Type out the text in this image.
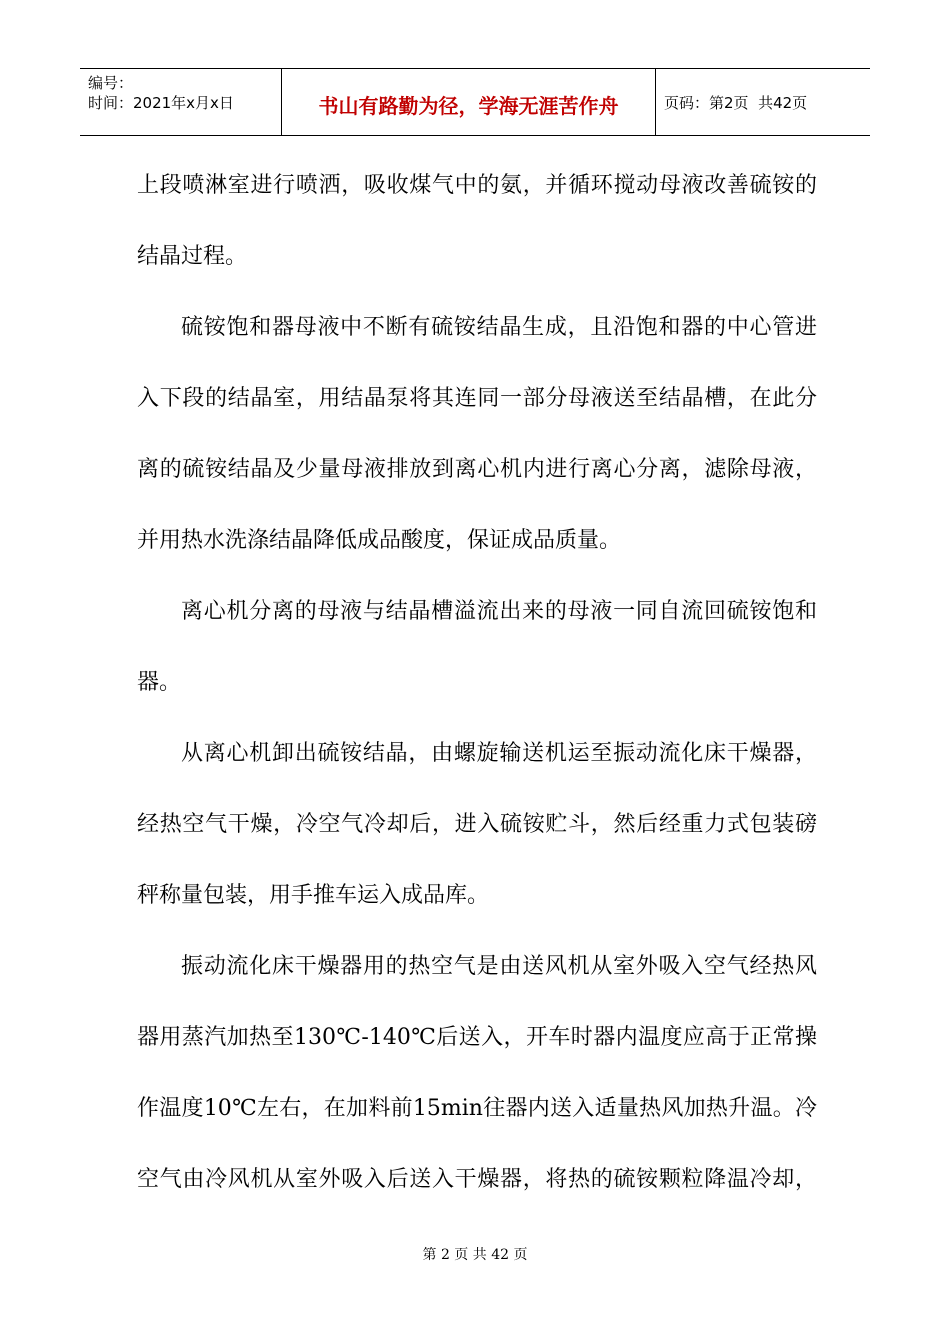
编号：
时间：2021年x月x日	书山有路勤为径，学海无涯苦作舟	页码：第2页  共42页
上段喷淋室进行喷洒，吸收煤气中的氨，并循环搅动母液改善硫铵的
结晶过程。
硫铵饱和器母液中不断有硫铵结晶生成，且沿饱和器的中心管进
入下段的结晶室，用结晶泵将其连同一部分母液送至结晶槽，在此分
离的硫铵结晶及少量母液排放到离心机内进行离心分离，滤除母液，
并用热水洗涤结晶降低成品酸度，保证成品质量。
离心机分离的母液与结晶槽溢流出来的母液一同自流回硫铵饱和
器。
从离心机卸出硫铵结晶，由螺旋输送机运至振动流化床干燥器，
经热空气干燥，冷空气冷却后，进入硫铵贮斗，然后经重力式包装磅
秤称量包装，用手推车运入成品库。
振动流化床干燥器用的热空气是由送风机从室外吸入空气经热风
器用蒸汽加热至130℃-140℃后送入，开车时器内温度应高于正常操
作温度10℃左右，在加料前15min往器内送入适量热风加热升温。冷
空气由冷风机从室外吸入后送入干燥器，将热的硫铵颗粒降温冷却，
第 2 页 共 42 页
